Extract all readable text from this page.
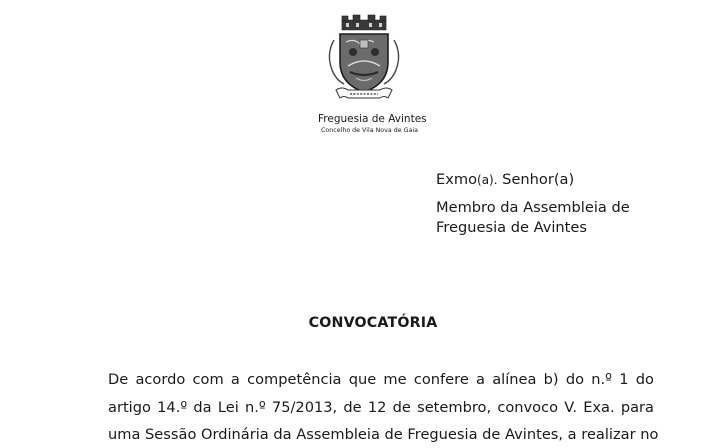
Freguesia de Avintes
Concelho de Vila Nova de Gaia
Exmo(a). Senhor(a)
Membro da Assembleia de
Freguesia de Avintes
CONVOCATÓRIA
De acordo com a competência que me confere a alínea b) do n.º 1 do
artigo 14.º da Lei n.º 75/2013, de 12 de setembro, convoco V. Exa. para
uma Sessão Ordinária da Assembleia de Freguesia de Avintes, a realizar no
